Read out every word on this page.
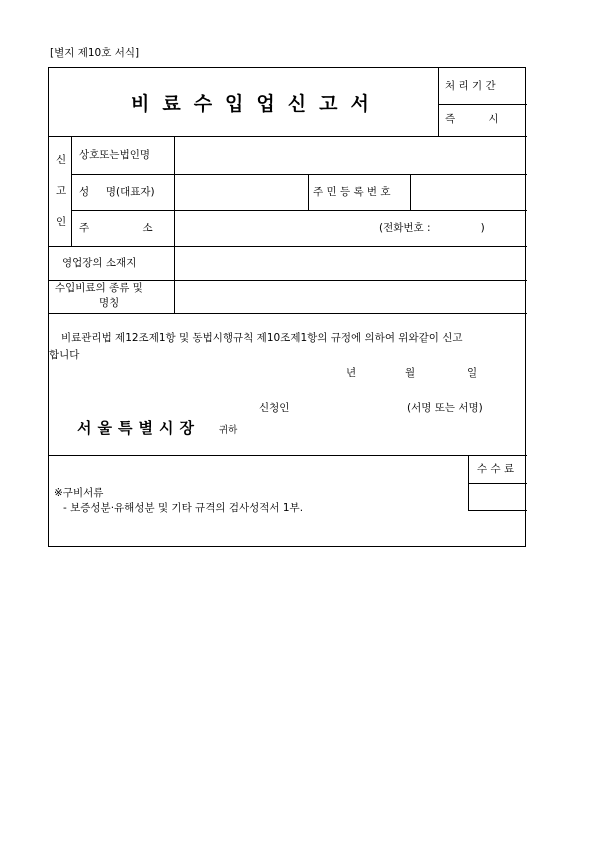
[별지 제10호 서식]
비료수입업신고서
처 리 기 간
즉          시
신
고
인
상호또는법인명
성     명(대표자)	주 민 등 록 번 호
주                소	(전화번호 :               )
영업장의 소재지
수입비료의 종류 및
명칭
비료관리법 제12조제1항 및 동법시행규칙 제10조제1항의 규정에 의하여 위와같이 신고
합니다
년	월	일
신청인	(서명 또는 서명)
서울특별시장 귀하
수 수 료
※구비서류
- 보증성분·유해성분 및 기타 규격의 검사성적서 1부.
